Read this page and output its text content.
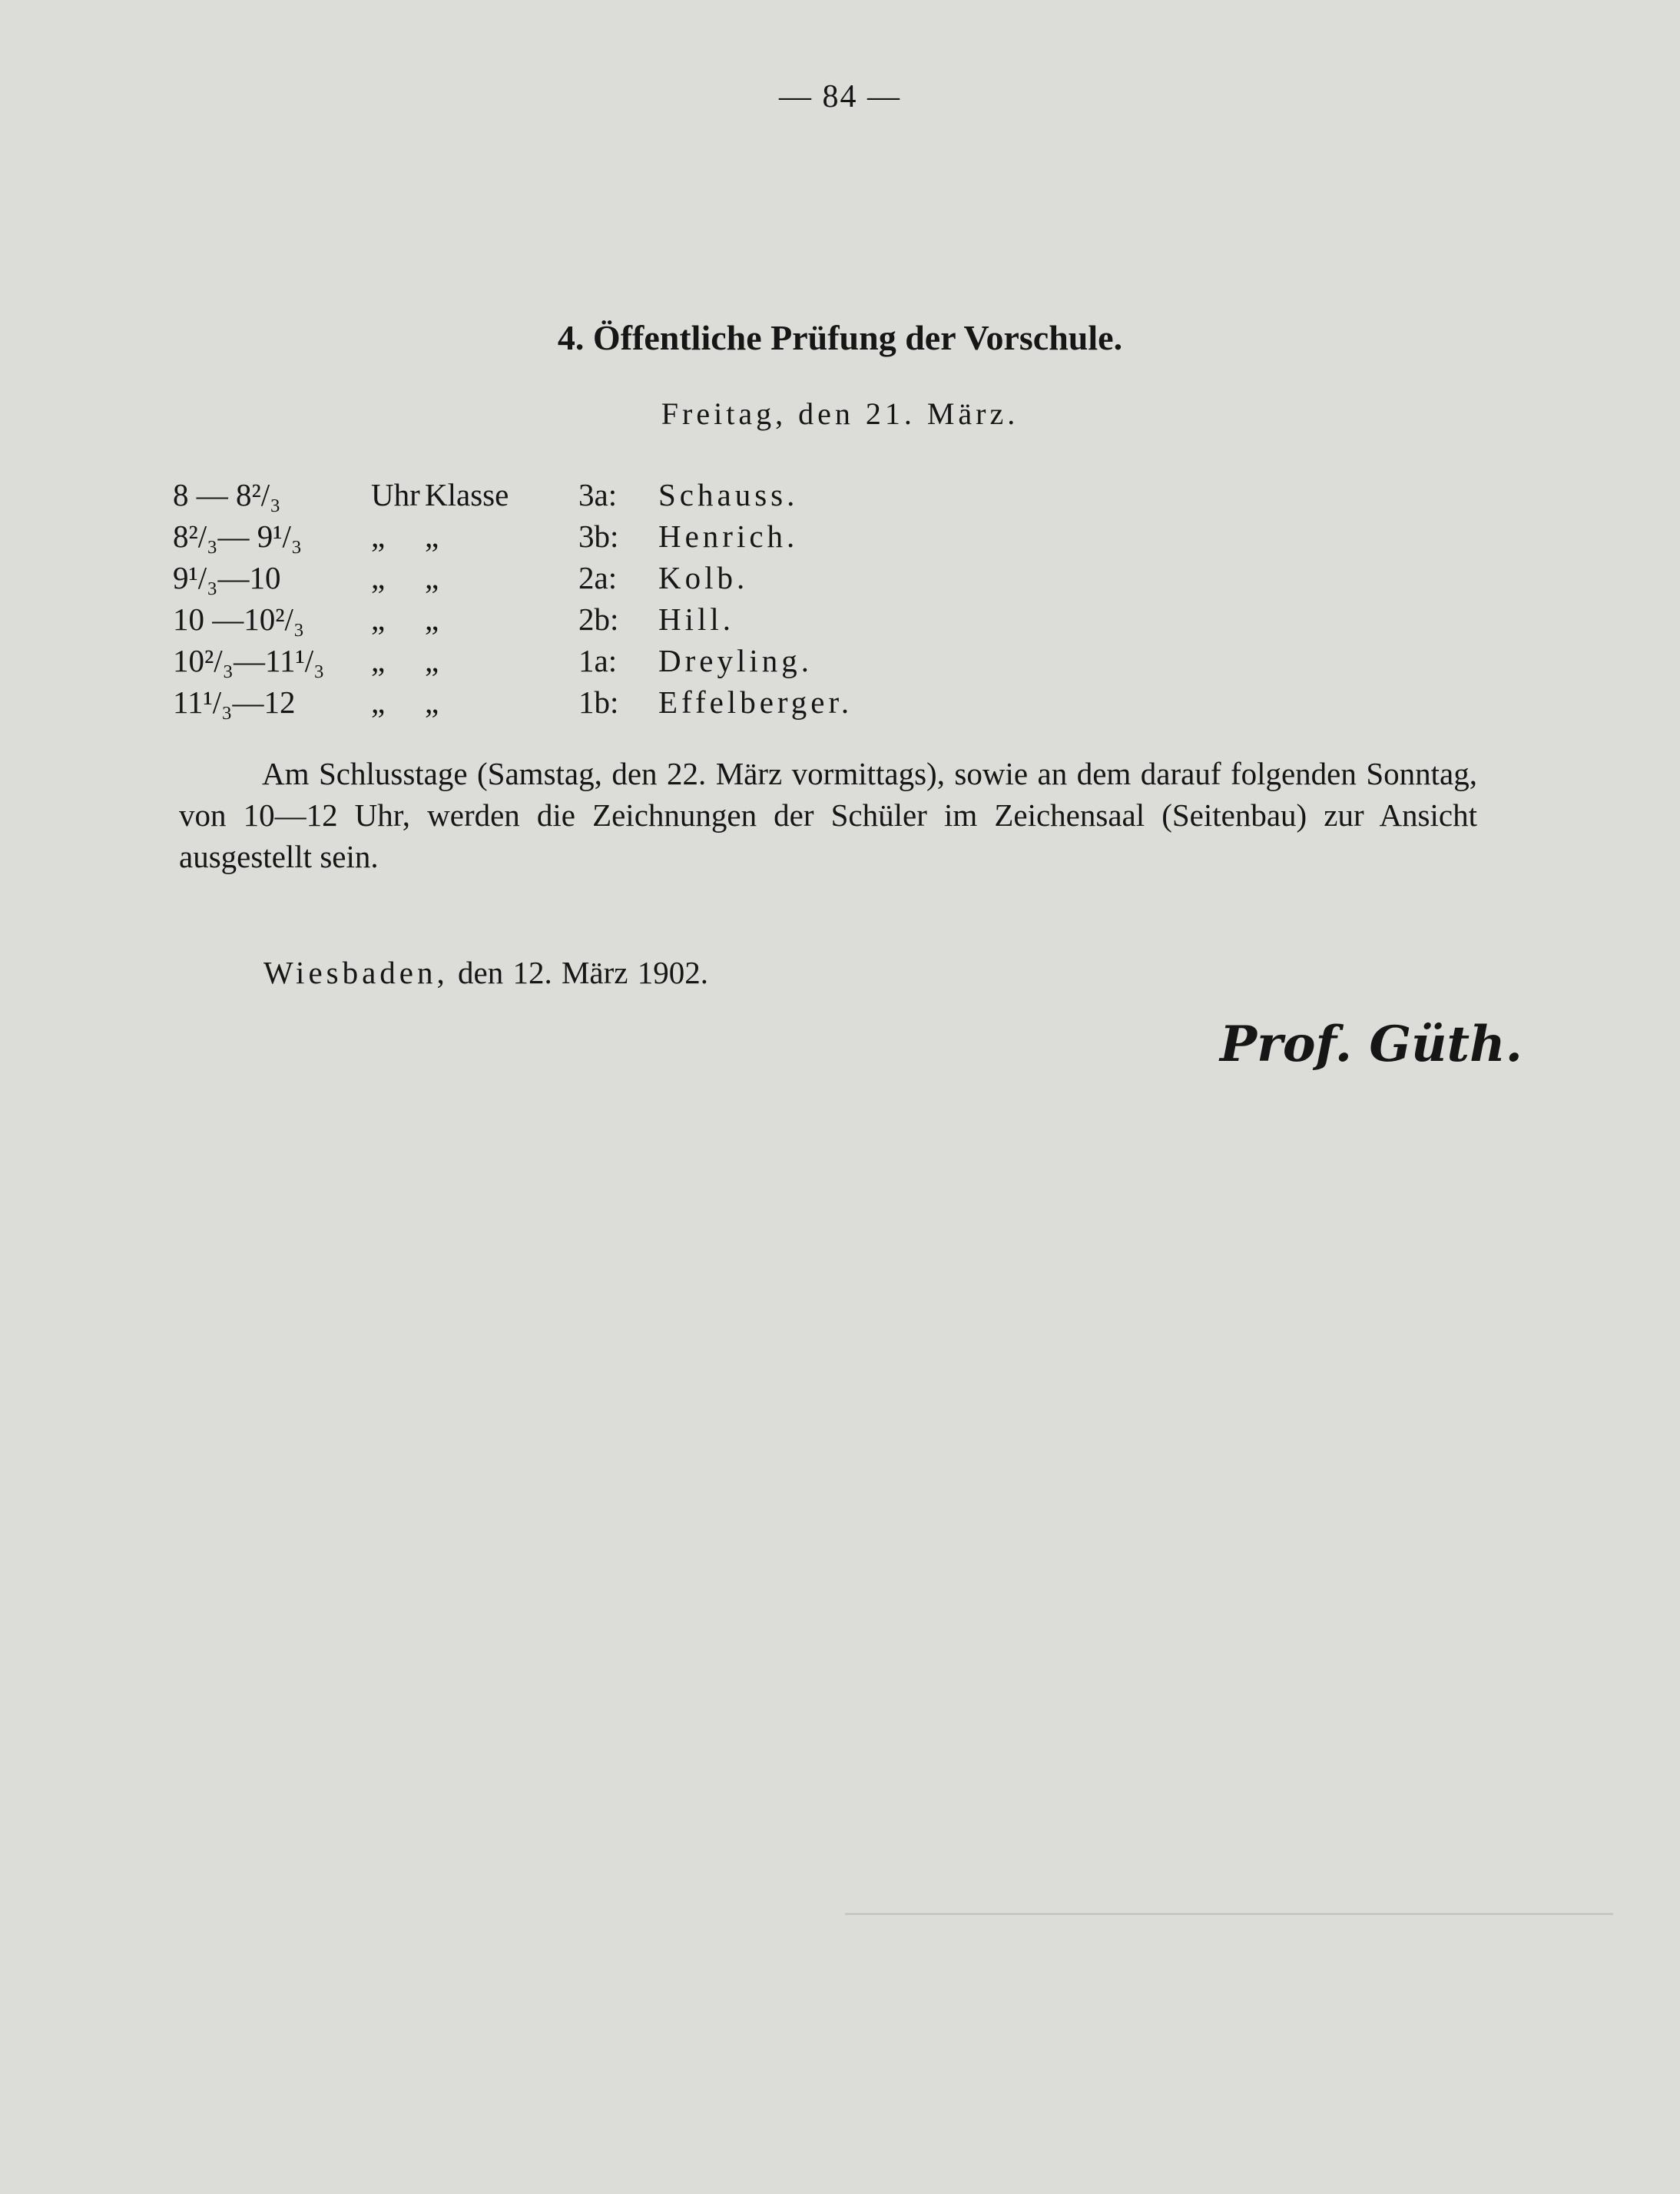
— 84 —
4. Öffentliche Prüfung der Vorschule.
Freitag, den 21. März.
8 — 8²/₃	Uhr	Klasse	3a:	Schauss.
8²/₃— 9¹/₃	„	„	3b:	Henrich.
9¹/₃—10	„	„	2a:	Kolb.
10 —10²/₃	„	„	2b:	Hill.
10²/₃—11¹/₃	„	„	1a:	Dreyling.
11¹/₃—12	„	„	1b:	Effelberger.

Am Schlusstage (Samstag, den 22. März vormittags), sowie an dem darauf folgenden Sonntag, von 10—12 Uhr, werden die Zeichnungen der Schüler im Zeichensaal (Seitenbau) zur Ansicht ausgestellt sein.

Wiesbaden, den 12. März 1902.
Prof. Güth.
